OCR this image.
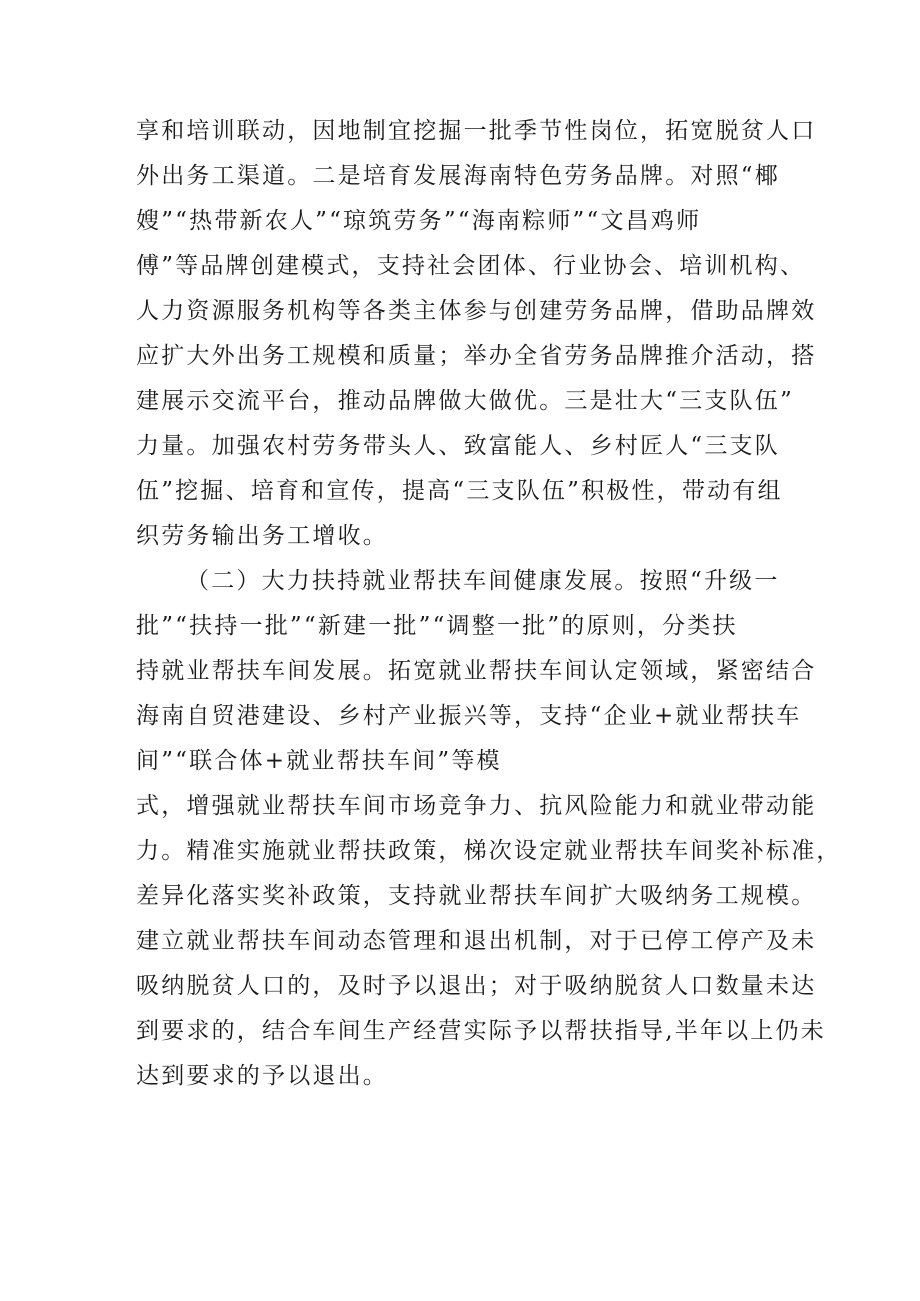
享和培训联动，因地制宜挖掘一批季节性岗位，拓宽脱贫人口

外出务工渠道。二是培育发展海南特色劳务品牌。对照“椰

嫂”“热带新农人”“琼筑劳务”“海南粽师”“文昌鸡师

傅”等品牌创建模式，支持社会团体、行业协会、培训机构、

人力资源服务机构等各类主体参与创建劳务品牌，借助品牌效

应扩大外出务工规模和质量；举办全省劳务品牌推介活动，搭

建展示交流平台，推动品牌做大做优。三是壮大“三支队伍”

力量。加强农村劳务带头人、致富能人、乡村匠人“三支队

伍”挖掘、培育和宣传，提高“三支队伍”积极性，带动有组

织劳务输出务工增收。

（二）大力扶持就业帮扶车间健康发展。按照“升级一

批”“扶持一批”“新建一批”“调整一批”的原则，分类扶

持就业帮扶车间发展。拓宽就业帮扶车间认定领域，紧密结合

海南自贸港建设、乡村产业振兴等，支持“企业+就业帮扶车

间”“联合体+就业帮扶车间”等模

式，增强就业帮扶车间市场竞争力、抗风险能力和就业带动能

力。精准实施就业帮扶政策，梯次设定就业帮扶车间奖补标准，

差异化落实奖补政策，支持就业帮扶车间扩大吸纳务工规模。

建立就业帮扶车间动态管理和退出机制，对于已停工停产及未

吸纳脱贫人口的，及时予以退出；对于吸纳脱贫人口数量未达

到要求的，结合车间生产经营实际予以帮扶指导,半年以上仍未

达到要求的予以退出。
